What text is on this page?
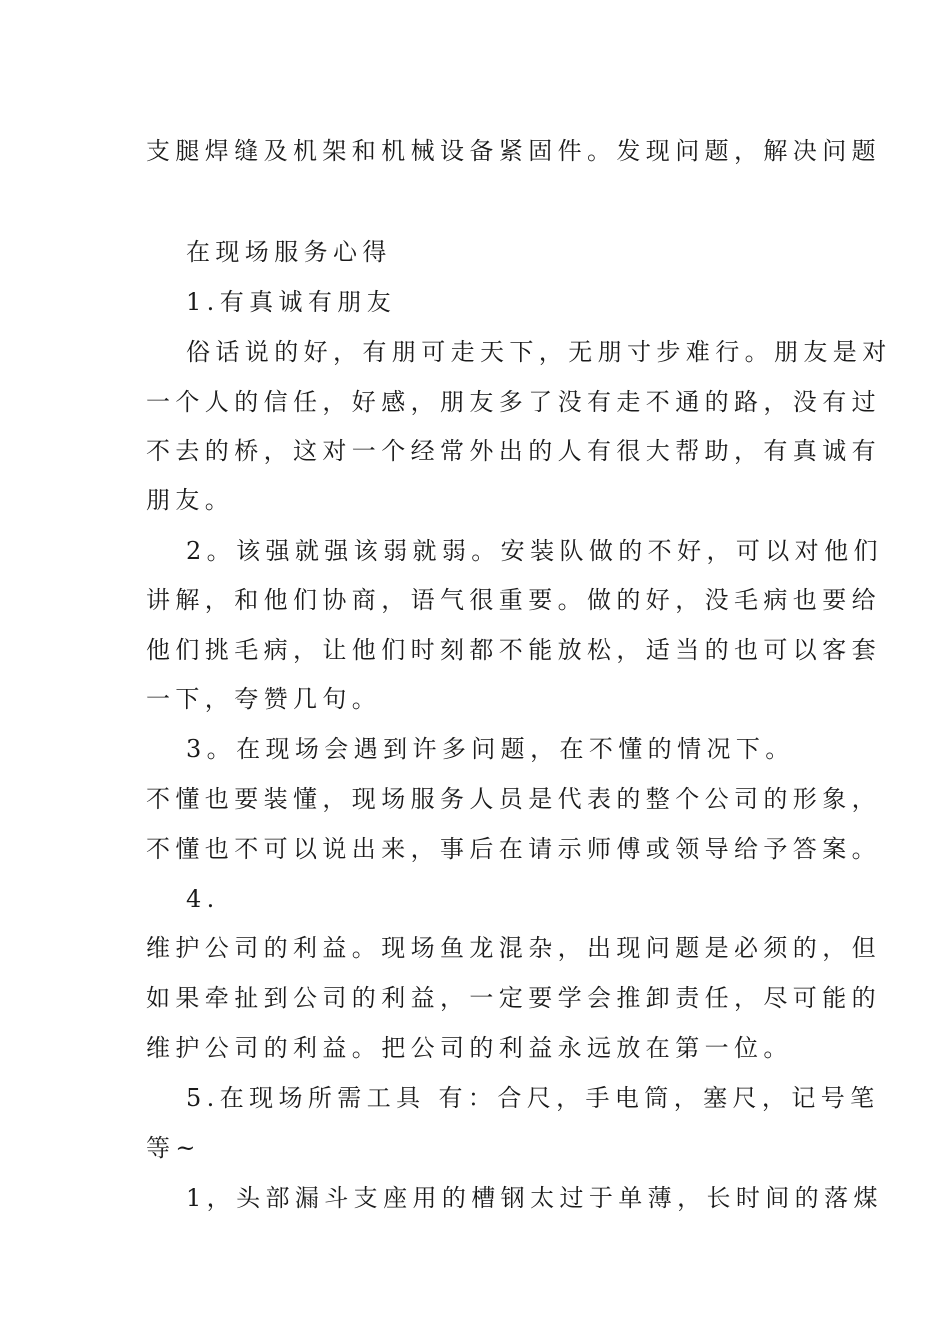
支腿焊缝及机架和机械设备紧固件。发现问题，解决问题
在现场服务心得
1.有真诚有朋友
俗话说的好，有朋可走天下，无朋寸步难行。朋友是对
一个人的信任，好感，朋友多了没有走不通的路，没有过
不去的桥，这对一个经常外出的人有很大帮助，有真诚有
朋友。
2。该强就强该弱就弱。安装队做的不好，可以对他们
讲解，和他们协商，语气很重要。做的好，没毛病也要给
他们挑毛病，让他们时刻都不能放松，适当的也可以客套
一下，夸赞几句。
3。在现场会遇到许多问题，在不懂的情况下。
不懂也要装懂，现场服务人员是代表的整个公司的形象，
不懂也不可以说出来，事后在请示师傅或领导给予答案。
4.
维护公司的利益。现场鱼龙混杂，出现问题是必须的，但
如果牵扯到公司的利益，一定要学会推卸责任，尽可能的
维护公司的利益。把公司的利益永远放在第一位。
5.在现场所需工具 有：合尺，手电筒，塞尺，记号笔
等~
1，头部漏斗支座用的槽钢太过于单薄，长时间的落煤
